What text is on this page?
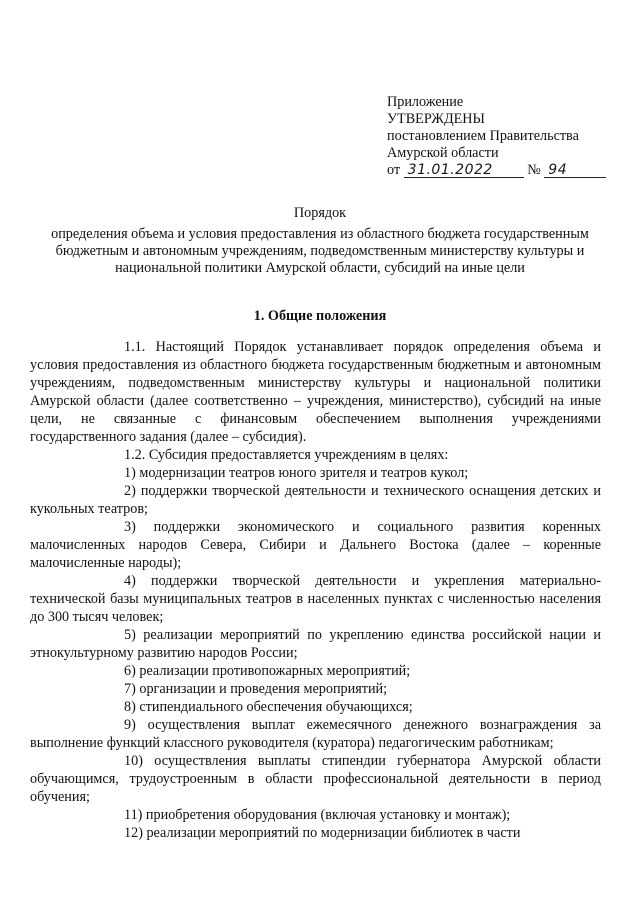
Приложение
УТВЕРЖДЕНЫ
постановлением Правительства
Амурской области
от 31.01.2022 № 94
Порядок
определения объема и условия предоставления из областного бюджета государственным бюджетным и автономным учреждениям, подведомственным министерству культуры и национальной политики Амурской области, субсидий на иные цели
1. Общие положения

1.1. Настоящий Порядок устанавливает порядок определения объема и условия предоставления из областного бюджета государственным бюджетным и автономным учреждениям, подведомственным министерству культуры и национальной политики Амурской области (далее соответственно – учреждения, министерство), субсидий на иные цели, не связанные с финансовым обеспечением выполнения учреждениями государственного задания (далее – субсидия).

1.2. Субсидия предоставляется учреждениям в целях:

1) модернизации театров юного зрителя и театров кукол;

2) поддержки творческой деятельности и технического оснащения детских и кукольных театров;

3) поддержки экономического и социального развития коренных малочисленных народов Севера, Сибири и Дальнего Востока (далее – коренные малочисленные народы);

4) поддержки творческой деятельности и укрепления материально-технической базы муниципальных театров в населенных пунктах с численностью населения до 300 тысяч человек;

5) реализации мероприятий по укреплению единства российской нации и этнокультурному развитию народов России;

6) реализации противопожарных мероприятий;

7) организации и проведения мероприятий;

8) стипендиального обеспечения обучающихся;

9) осуществления выплат ежемесячного денежного вознаграждения за выполнение функций классного руководителя (куратора) педагогическим работникам;

10) осуществления выплаты стипендии губернатора Амурской области обучающимся, трудоустроенным в области профессиональной деятельности в период обучения;

11) приобретения оборудования (включая установку и монтаж);

12) реализации мероприятий по модернизации библиотек в части
